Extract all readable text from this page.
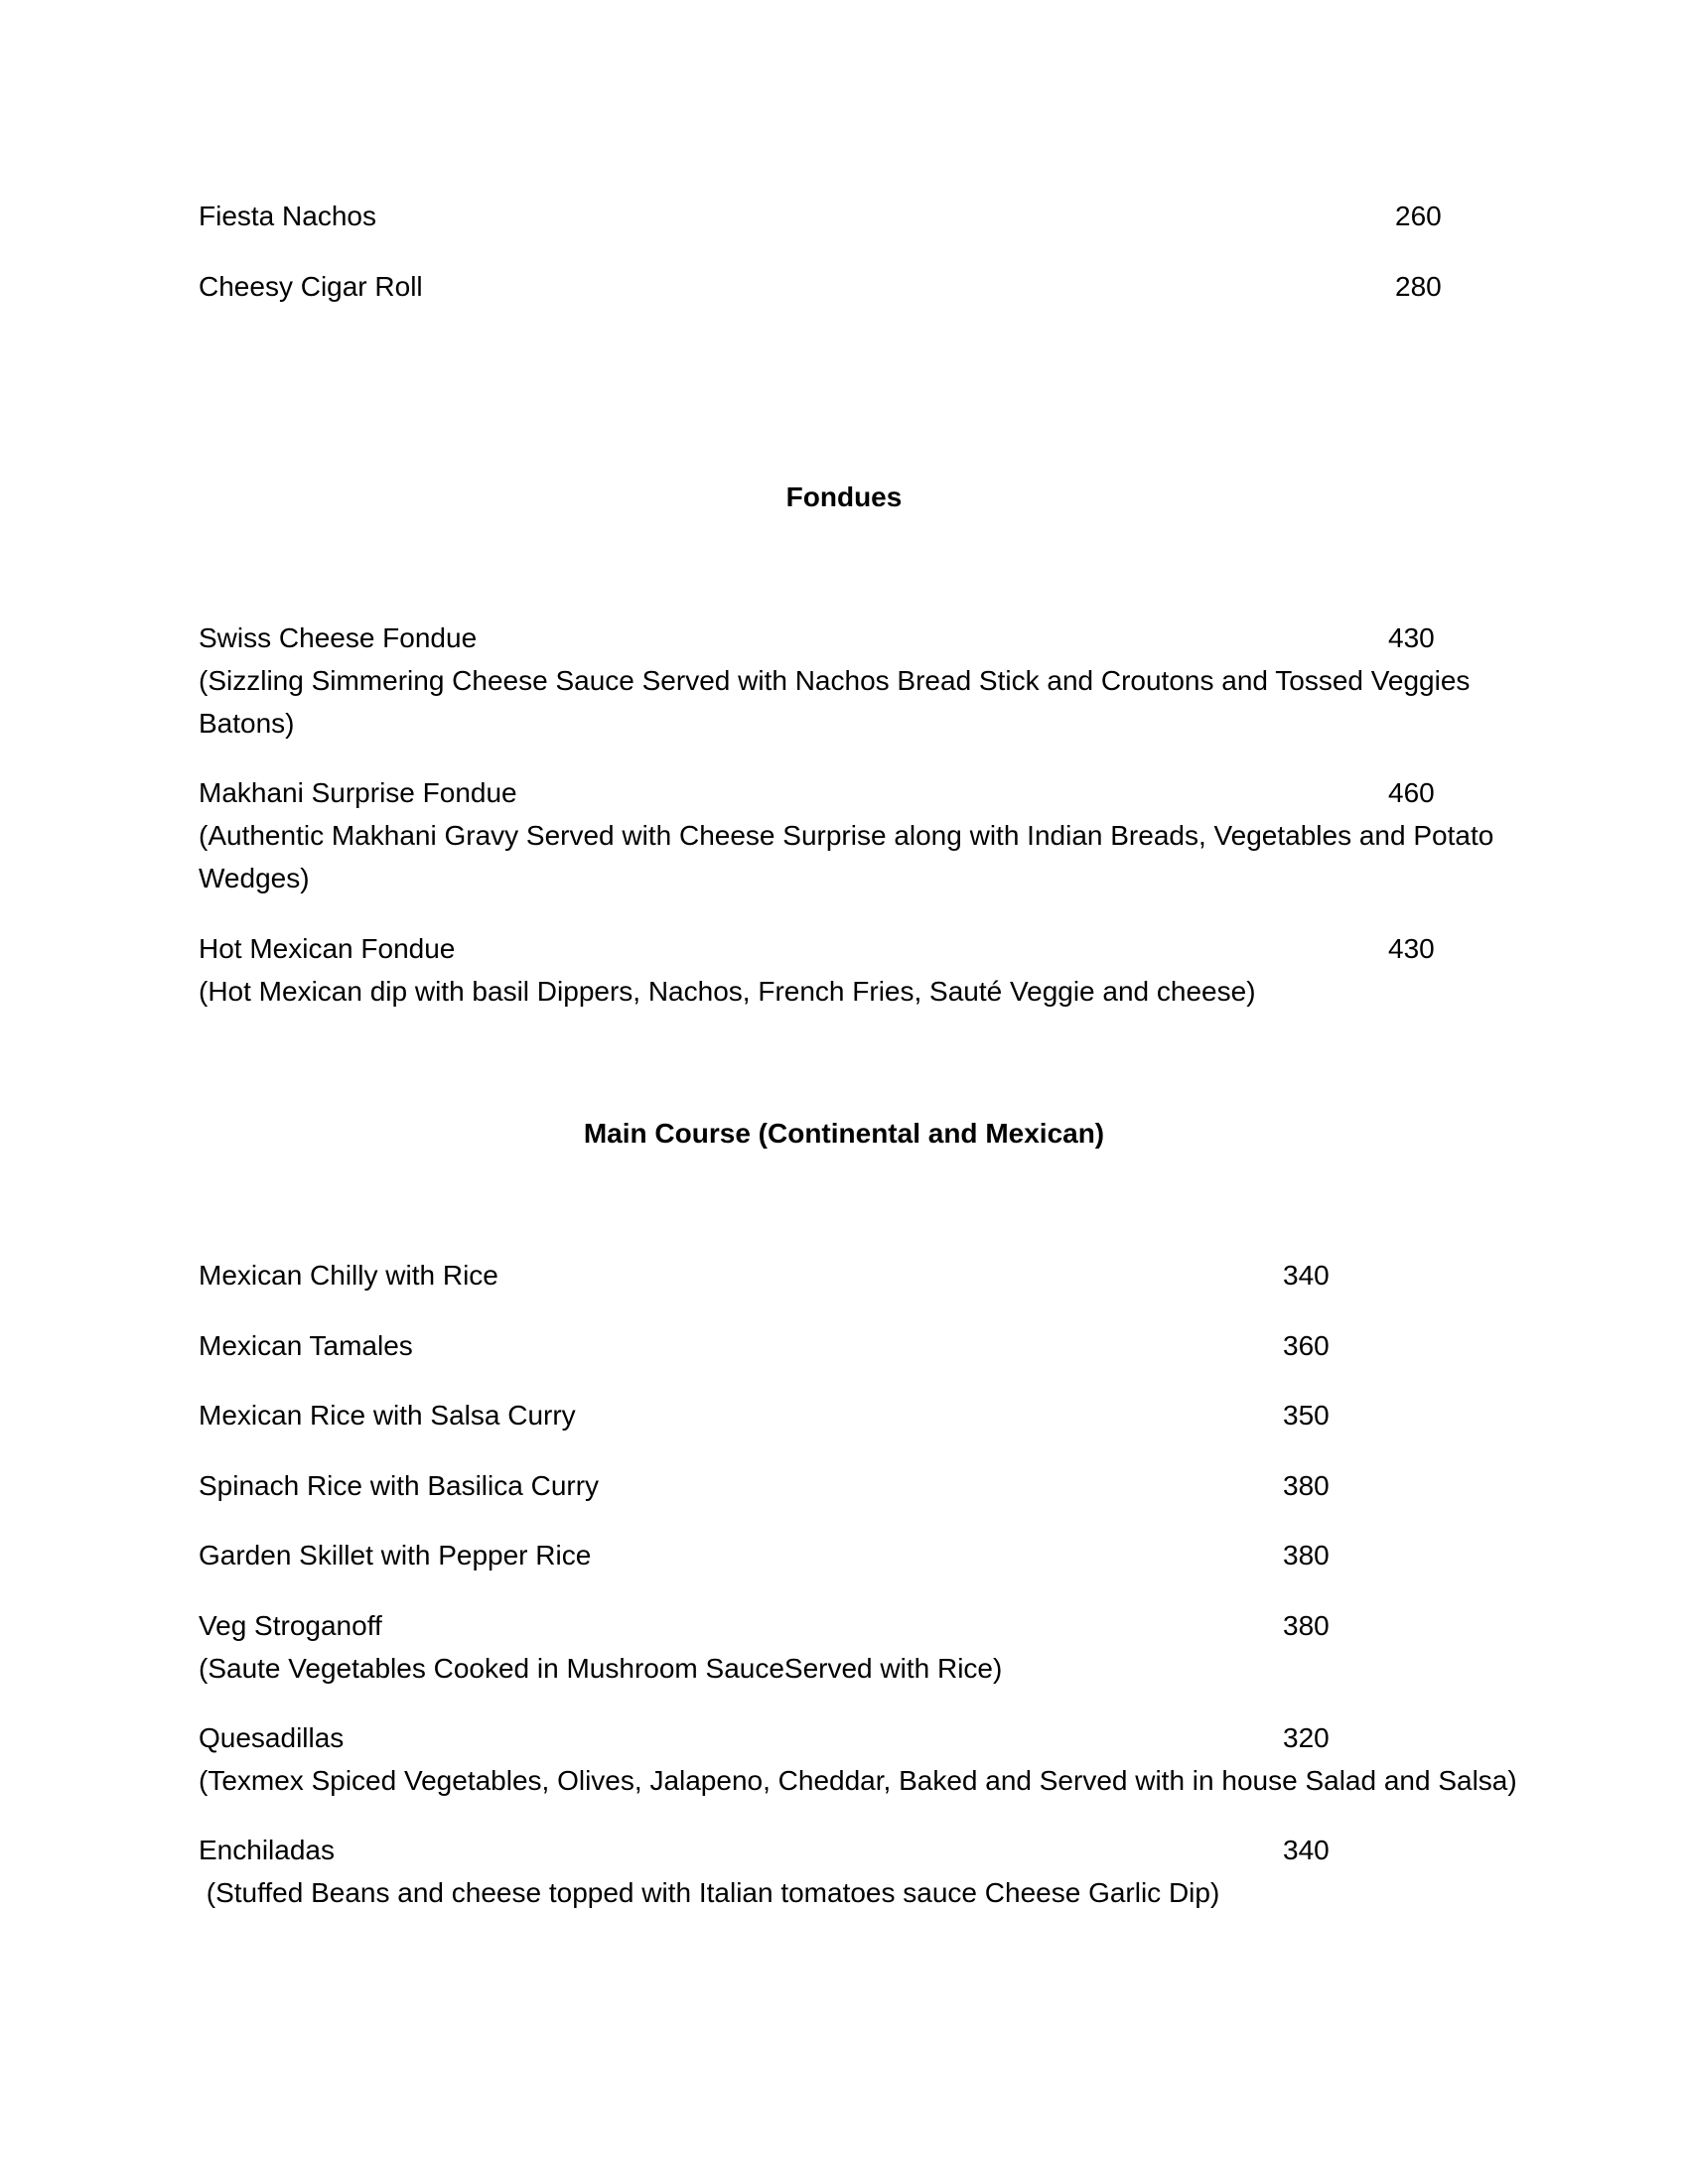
Fiesta Nachos	260
Cheesy Cigar Roll	280
Fondues
Swiss Cheese Fondue	430
(Sizzling Simmering Cheese Sauce Served with Nachos Bread Stick and Croutons and Tossed Veggies
Batons)
Makhani Surprise Fondue	460
(Authentic Makhani Gravy Served with Cheese Surprise along with Indian Breads, Vegetables and Potato
Wedges)
Hot Mexican Fondue	430
(Hot Mexican dip with basil Dippers, Nachos, French Fries, Sauté Veggie and cheese)
Main Course (Continental and Mexican)
Mexican Chilly with Rice	340
Mexican Tamales	360
Mexican Rice with Salsa Curry	350
Spinach Rice with Basilica Curry	380
Garden Skillet with Pepper Rice	380
Veg Stroganoff	380
(Saute Vegetables Cooked in Mushroom SauceServed with Rice)
Quesadillas	320
(Texmex Spiced Vegetables, Olives, Jalapeno, Cheddar, Baked and Served with in house Salad and Salsa)
Enchiladas	340
(Stuffed Beans and cheese topped with Italian tomatoes sauce Cheese Garlic Dip)
